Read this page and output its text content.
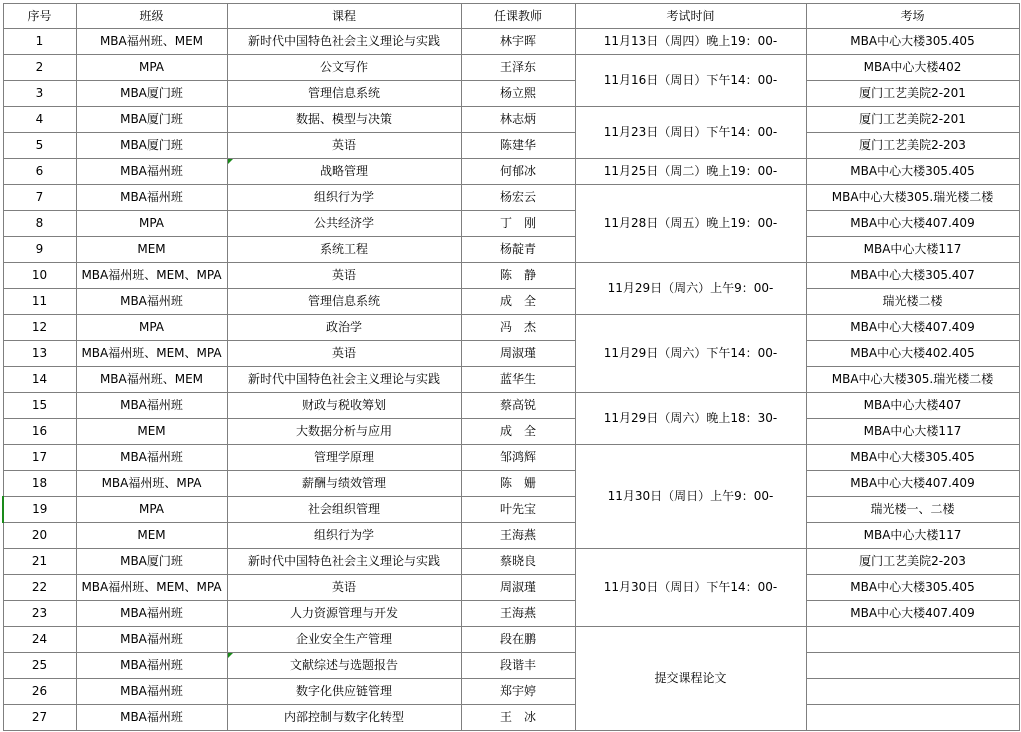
序号	班级	课程	任课教师	考试时间	考场
1	MBA福州班、MEM	新时代中国特色社会主义理论与实践	林宇晖	11月13日（周四）晚上19：00-	MBA中心大楼305.405
2	MPA	公文写作	王泽东	11月16日（周日）下午14：00-	MBA中心大楼402
3	MBA厦门班	管理信息系统	杨立熙		厦门工艺美院2-201
4	MBA厦门班	数据、模型与决策	林志炳	11月23日（周日）下午14：00-	厦门工艺美院2-201
5	MBA厦门班	英语	陈建华		厦门工艺美院2-203
6	MBA福州班	战略管理	何郁冰	11月25日（周二）晚上19：00-	MBA中心大楼305.405
7	MBA福州班	组织行为学	杨宏云	11月28日（周五）晚上19：00-	MBA中心大楼305.瑞光楼二楼
8	MPA	公共经济学	丁　刚		MBA中心大楼407.409
9	MEM	系统工程	杨靛青		MBA中心大楼117
10	MBA福州班、MEM、MPA	英语	陈　静	11月29日（周六）上午9：00-	MBA中心大楼305.407
11	MBA福州班	管理信息系统	成　全		瑞光楼二楼
12	MPA	政治学	冯　杰	11月29日（周六）下午14：00-	MBA中心大楼407.409
13	MBA福州班、MEM、MPA	英语	周淑瑾		MBA中心大楼402.405
14	MBA福州班、MEM	新时代中国特色社会主义理论与实践	蓝华生		MBA中心大楼305.瑞光楼二楼
15	MBA福州班	财政与税收筹划	蔡高锐	11月29日（周六）晚上18：30-	MBA中心大楼407
16	MEM	大数据分析与应用	成　全		MBA中心大楼117
17	MBA福州班	管理学原理	邹鸿辉	11月30日（周日）上午9：00-	MBA中心大楼305.405
18	MBA福州班、MPA	薪酬与绩效管理	陈　姗		MBA中心大楼407.409
19	MPA	社会组织管理	叶先宝		瑞光楼一、二楼
20	MEM	组织行为学	王海燕		MBA中心大楼117
21	MBA厦门班	新时代中国特色社会主义理论与实践	蔡晓良	11月30日（周日）下午14：00-	厦门工艺美院2-203
22	MBA福州班、MEM、MPA	英语	周淑瑾		MBA中心大楼305.405
23	MBA福州班	人力资源管理与开发	王海燕		MBA中心大楼407.409
24	MBA福州班	企业安全生产管理	段在鹏	提交课程论文	
25	MBA福州班	文献综述与选题报告	段谐丰		
26	MBA福州班	数字化供应链管理	郑宇婷		
27	MBA福州班	内部控制与数字化转型	王　冰		
